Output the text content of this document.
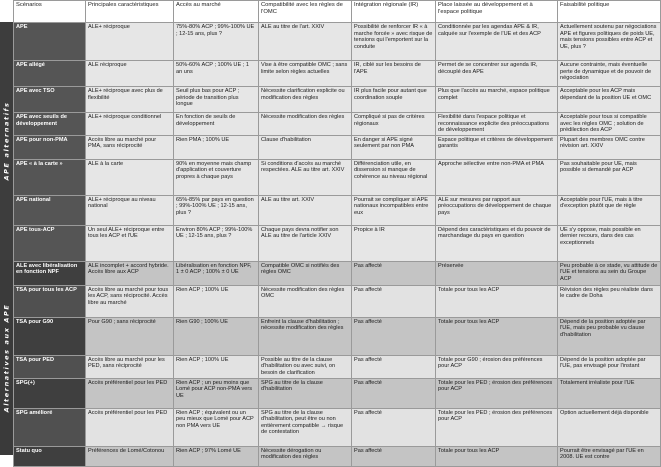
APE alternatifs
Alternatives aux APE
Scénarios	Principales caractéristiques	Accès au marché	Compatibilité avec les règles de l'OMC	Intégration régionale (IR)	Place laissée au développement et à l'espace politique	Faisabilité politique
APE	ALE+ réciproque	75%-80% ACP ; 99%-100% UE ; 12-15 ans, plus ?	ALE au titre de l'art. XXIV	Possibilité de renforcer IR « à marche forcée » avec risque de tensions qui l'emportent sur la conduite	Conditionnée par les agendas APE & IR, calquée sur l'exemple de l'UE et des ACP	Actuellement soutenu par négociations APE et figures politiques de poids UE, mais tensions possibles entre ACP et UE, plus ?
APE allégé	ALE réciproque	50%-60% ACP ; 100% UE ; 1 an uns	Vise à être compatible OMC ; sans limite selon règles actuelles	IR, ciblé sur les besoins de l'APE	Permet de se concentrer sur agenda IR, découplé des APE	Aucune contrainte, mais éventuelle perte de dynamique et de pouvoir de négociation
APE avec TSO	ALE+ réciproque avec plus de flexibilité	Seuil plus bas pour ACP ; période de transition plus longue	Nécessite clarification explicite ou modification des règles	IR plus facile pour autant que coordination souple	Plus que l'accès au marché, espace politique complet	Acceptable pour les ACP mais dépendant de la position UE et OMC
APE avec seuils de développement	ALE+ réciproque conditionnel	En fonction de seuils de développement	Nécessite modification des règles	Compliqué si pas de critères régionaux	Flexibilité dans l'espace politique et reconnaissance explicite des préoccupations de développement	Acceptable pour tous si compatible avec les règles OMC ; solution de prédilection des ACP
APE pour non-PMA	Accès libre au marché pour PMA, sans réciprocité	Rien PMA ; 100% UE	Clause d'habilitation	En danger si APE signé seulement par non PMA	Espace politique et critères de développement garantis	Plupart des membres OMC contre révision art. XXIV
APE « à la carte »	ALE à la carte	90% en moyenne mais champ d'application et couverture propres à chaque pays	Si conditions d'accès au marché respectées. ALE au titre art. XXIV	Différenciation utile, en dissension si manque de cohérence au niveau régional	Approche sélective entre non-PMA et PMA	Pas souhaitable pour UE, mais possible si demandé par ACP
APE national	ALE+ réciproque au niveau national	65%-85% par pays en question ; 99%-100% UE ; 12-15 ans, plus ?	ALE au titre art. XXIV	Pourrait se compliquer si APE nationaux incompatibles entre eux	ALE sur mesures par rapport aux préoccupations de développement de chaque pays	Acceptable pour l'UE, mais à titre d'exception plutôt que de règle
APE tous-ACP	Un seul ALE+ réciproque entre tous les ACP et l'UE	Environ 80% ACP ; 99%-100% UE ; 12-15 ans, plus ?	Chaque pays devra notifier son ALE au titre de l'article XXIV	Propice à IR	Dépend des caractéristiques et du pouvoir de marchandage du pays en question	UE s'y oppose, mais possible en dernier recours, dans des cas exceptionnels
ALE avec libéralisation en fonction NPF	ALE incomplet + accord hybride. Accès libre aux ACP	Libéralisation en fonction NPF, 1 ± 0 ACP ; 100% ± 0 UE	Compatible OMC si notifiés des règles OMC	Pas affecté	Préservée	Peu probable à ce stade, vu attitude de l'UE et tensions au sein du Groupe ACP
TSA pour tous les ACP	Accès libre au marché pour tous les ACP, sans réciprocité. Accès libre au marché	Rien ACP ; 100% UE	Nécessite modification des règles OMC	Pas affecté	Totale pour tous les ACP	Révision des règles peu réaliste dans le cadre de Doha
TSA pour G90	Pour G90 ; sans réciprocité	Rien G90 ; 100% UE	Enfreint la clause d'habilitation ; nécessite modification des règles	Pas affecté	Totale pour tous les ACP	Dépend de la position adoptée par l'UE, mais peu probable vu clause d'habilitation
TSA pour PED	Accès libre au marché pour les PED, sans réciprocité	Rien ACP ; 100% UE	Possible au titre de la clause d'habilitation ou avec suivi, on besoin de clarification	Pas affecté	Totale pour G90 ; érosion des préférences pour ACP	Dépend de la position adoptée par l'UE, pas envisagé pour l'instant
SPG(+)	Accès préférentiel pour les PED	Rien ACP ; un peu moins que Lomé pour ACP non-PMA vers UE	SPG au titre de la clause d'habilitation	Pas affecté	Totale pour les PED ; érosion des préférences pour ACP	Totalement irréaliste pour l'UE
SPG amélioré	Accès préférentiel pour les PED	Rien ACP ; équivalent ou un peu mieux que Lomé pour ACP non PMA vers UE	SPG au titre de la clause d'habilitation, peut être ou non entièrement compatible → risque de contestation	Pas affecté	Totale pour les PED ; érosion des préférences pour ACP	Option actuellement déjà disponible
Statu quo	Préférences de Lomé/Cotonou	Rien ACP ; 97% Lomé UE	Nécessite dérogation ou modification des règles	Pas affecté	Totale pour tous les ACP	Pourrait être envisagé par l'UE en 2008. UE est contre
